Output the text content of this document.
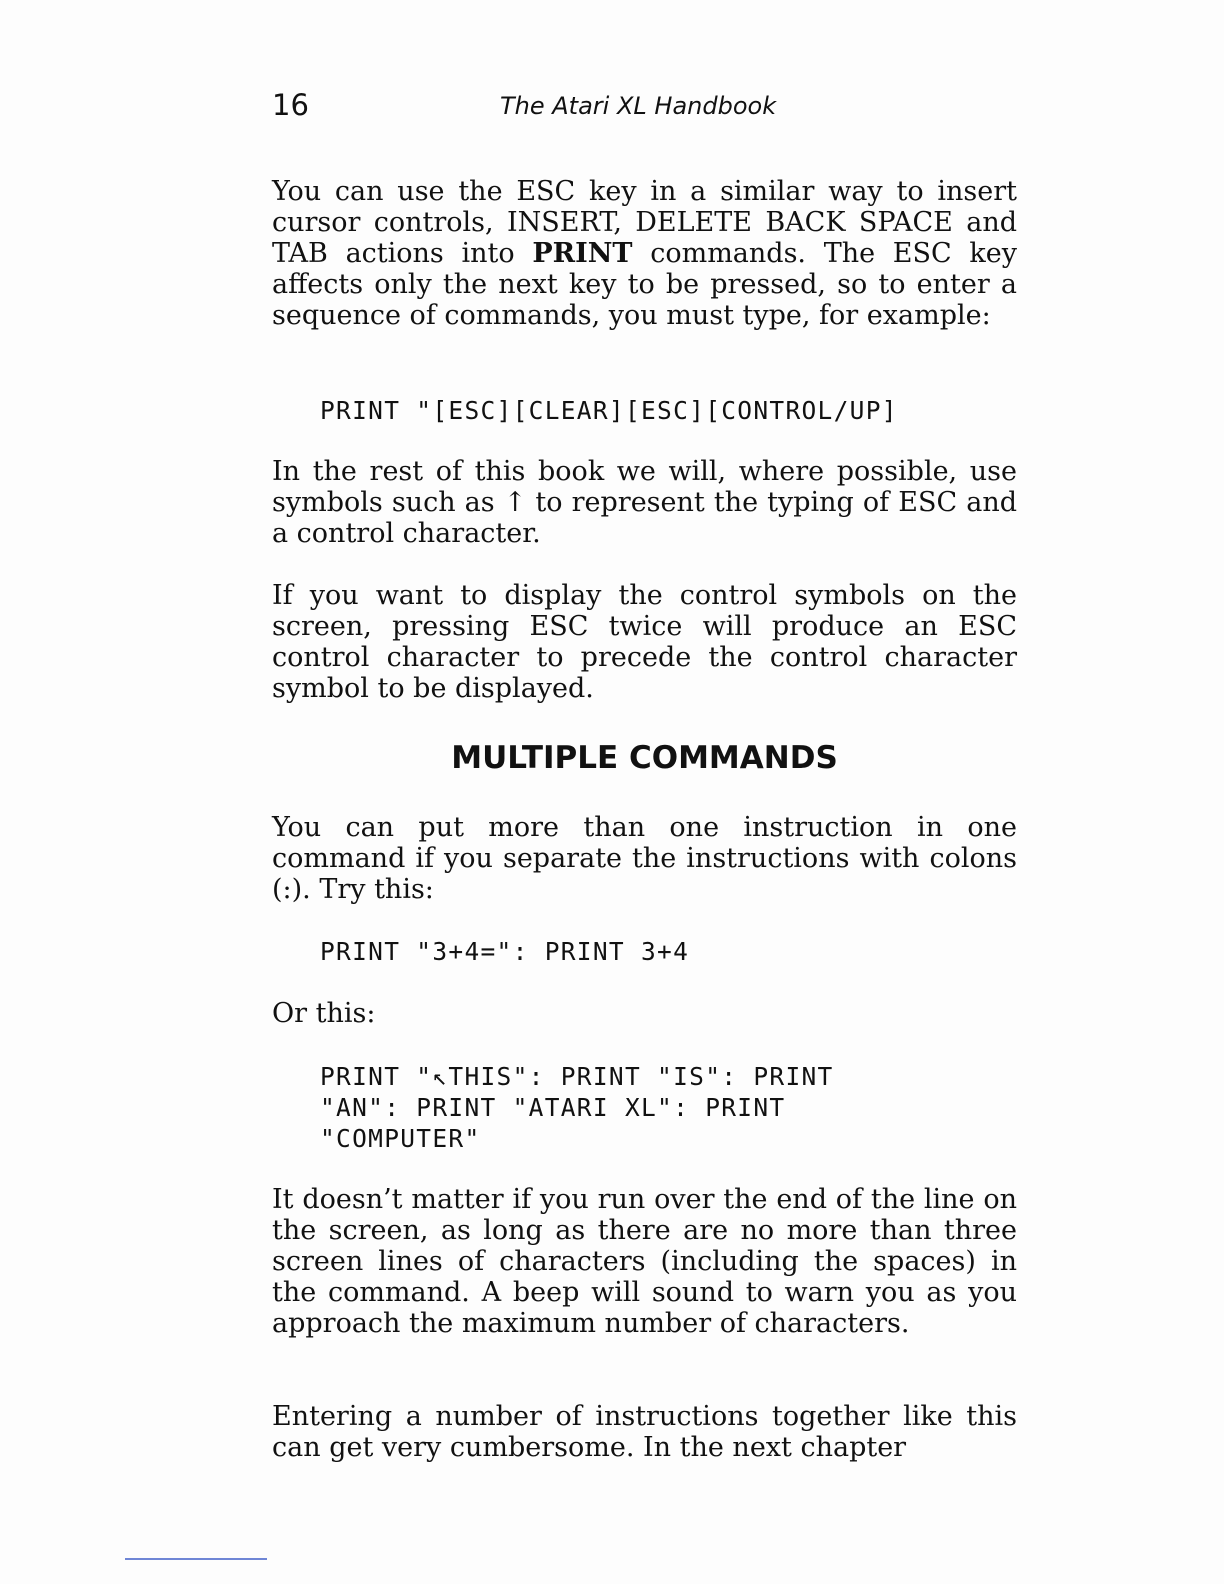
16	The Atari XL Handbook

You can use the ESC key in a similar way to insert cursor controls, INSERT, DELETE BACK SPACE and TAB actions into PRINT commands. The ESC key affects only the next key to be pressed, so to enter a sequence of commands, you must type, for example:

PRINT "[ESC][CLEAR][ESC][CONTROL/UP]

In the rest of this book we will, where possible, use symbols such as ↑ to represent the typing of ESC and a control character.

If you want to display the control symbols on the screen, pressing ESC twice will produce an ESC control character to precede the control character symbol to be displayed.

MULTIPLE COMMANDS

You can put more than one instruction in one command if you separate the instructions with colons (:). Try this:

PRINT "3+4=": PRINT 3+4

Or this:

PRINT "↖THIS": PRINT "IS": PRINT
"AN": PRINT "ATARI XL": PRINT
"COMPUTER"

It doesn’t matter if you run over the end of the line on the screen, as long as there are no more than three screen lines of characters (including the spaces) in the command. A beep will sound to warn you as you approach the maximum number of characters.

Entering a number of instructions together like this can get very cumbersome. In the next chapter
